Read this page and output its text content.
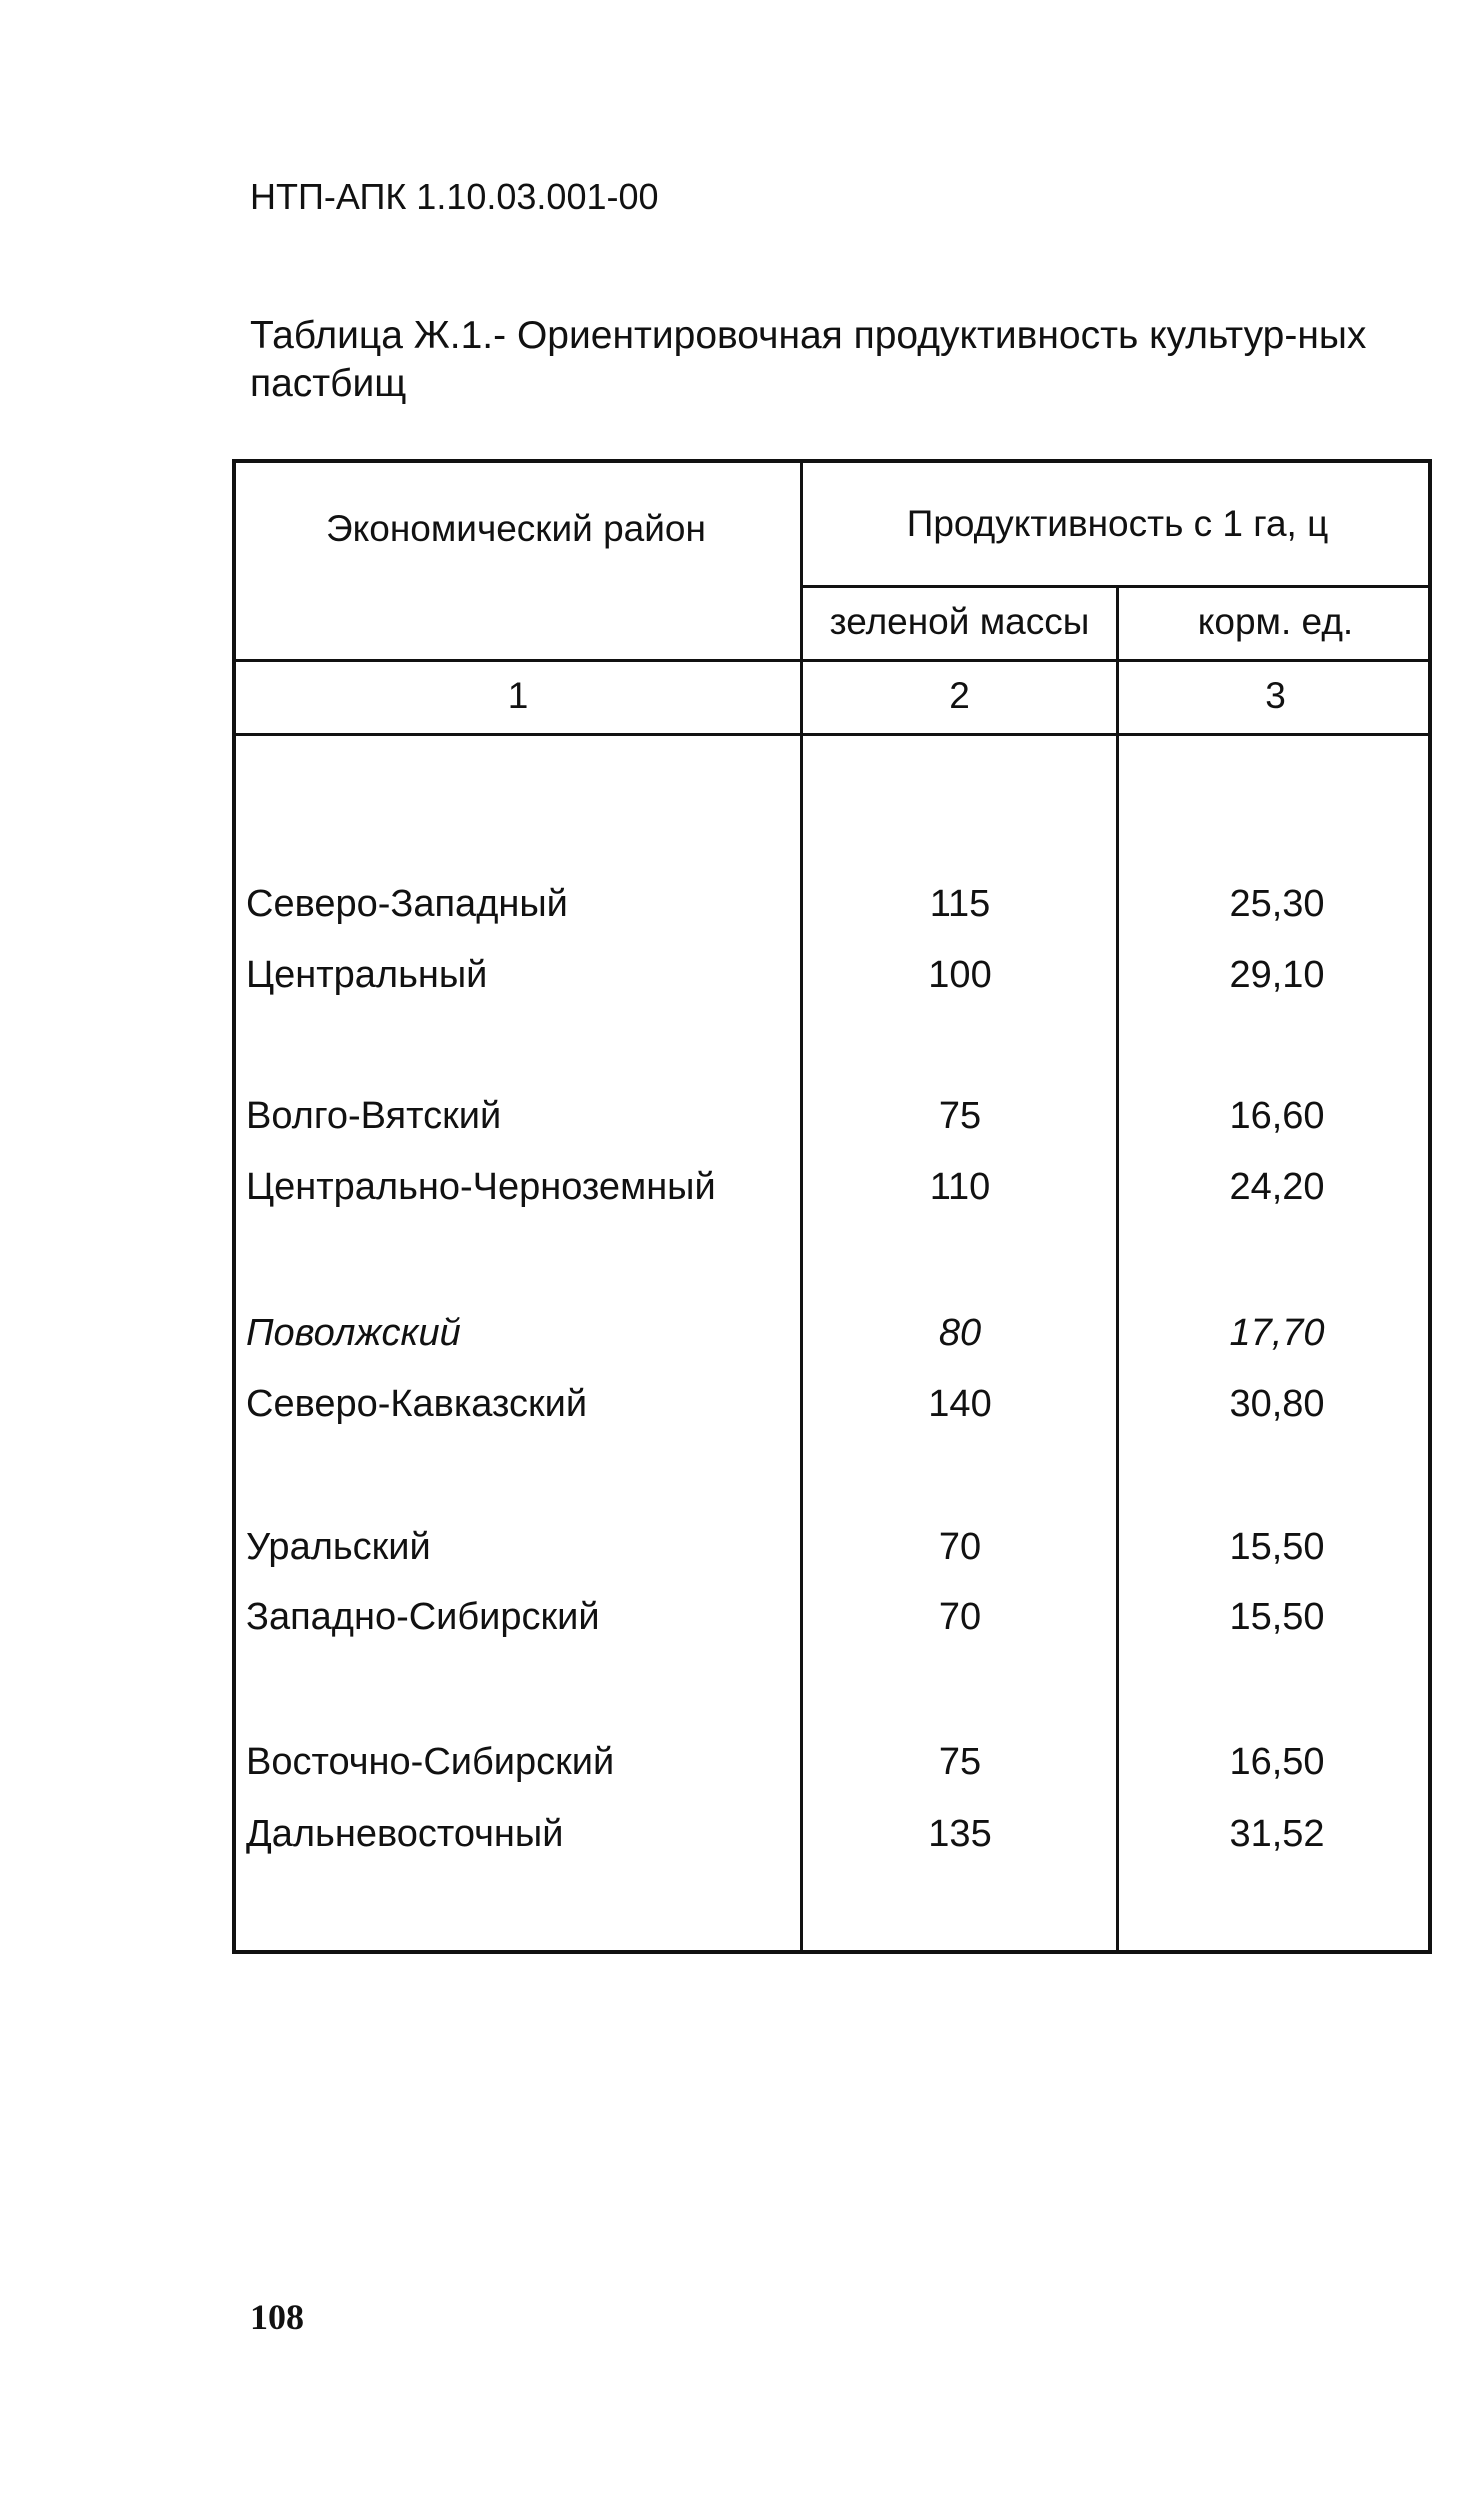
НТП-АПК 1.10.03.001-00
Таблица Ж.1.- Ориентировочная продуктивность культур-ных пастбищ
Экономический район	Продуктивность с 1 га, ц
зеленой массы	корм. ед.
1	2	3
Северо-Западный	115	25,30
Центральный	100	29,10
Волго-Вятский	75	16,60
Центрально-Черноземный	110	24,20
Поволжский	80	17,70
Северо-Кавказский	140	30,80
Уральский	70	15,50
Западно-Сибирский	70	15,50
Восточно-Сибирский	75	16,50
Дальневосточный	135	31,52
108
